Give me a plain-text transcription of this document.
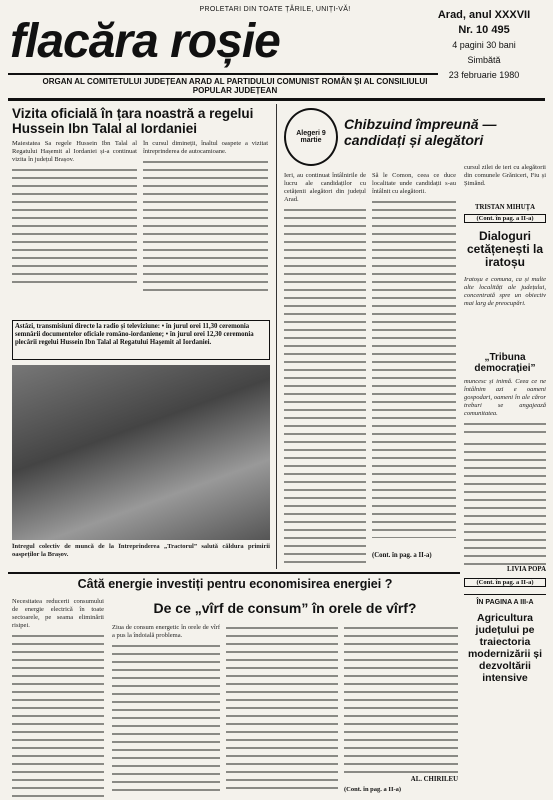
PROLETARI DIN TOATE ȚĂRILE, UNIȚI-VĂ!
flacăra roșie	Arad, anul XXXVII
Nr. 10 495
4 pagini 30 bani
Simbătă
23 februarie 1980
ORGAN AL COMITETULUI JUDEȚEAN ARAD AL PARTIDULUI COMUNIST ROMÂN ȘI AL CONSILIULUI POPULAR JUDEȚEAN
Vizita oficială în țara noastră a regelui Hussein Ibn Talal al Iordaniei
Maiestatea Sa regele Hussein Ibn Talal al Regatului Hașemit al Iordaniei și-a continuat vizita în județul Brașov.
În cursul dimineții, înaltul oaspete a vizitat întreprinderea de autocamioane.
Astăzi, transmisiuni directe la radio și televiziune: • în jurul orei 11,30 ceremonia semnării documentelor oficiale româno-iordaniene; • în jurul orei 12,30 ceremonia plecării regelui Hussein Ibn Talal al Regatului Hașemit al Iordaniei.
Întregul colectiv de muncă de la Întreprinderea „Tractorul” salută căldura primirii oaspeților la Brașov.
Alegeri 9 martie
Chibzuind împreună — candidați și alegători
Ieri, au continuat întâlnirile de lucru ale candidaților cu cetățenii alegători din județul Arad.
Să le Comon, ceea ce duce localitate unde candidații s-au întâlnit cu alegătorii.
(Cont. în pag. a II-a)
cursul zilei de ieri cu alegătorii din comunele Grăniceri, Fiu și Șimănd.
TRISTAN MIHUȚA
(Cont. în pag. a II-a)
Dialoguri cetățenești la iratoșu
Iratoșu e comuna, ca și multe alte localități ale județului, concentrată spre un obiectiv mai larg de preocupări.
„Tribuna democrației”
muncesc și inimă. Ceea ce ne întâlnim azi e oameni gospodari, oameni în ale căror treburi se angajează comunitatea.
LIVIA POPA
(Cont. în pag. a II-a)
ÎN PAGINA A III-A
Agricultura județului pe traiectoria modernizării și dezvoltării intensive
Câtă energie investiți pentru economisirea energiei ?
Necesitatea reducerii consumului de energie electrică în toate sectoarele, pe seama eliminării risipei.
De ce „vîrf de consum” în orele de vîrf?
Ziua de consum energetic în orele de vîrf a pus la îndoială problema.
AL. CHIRILEU
(Cont. în pag. a II-a)
